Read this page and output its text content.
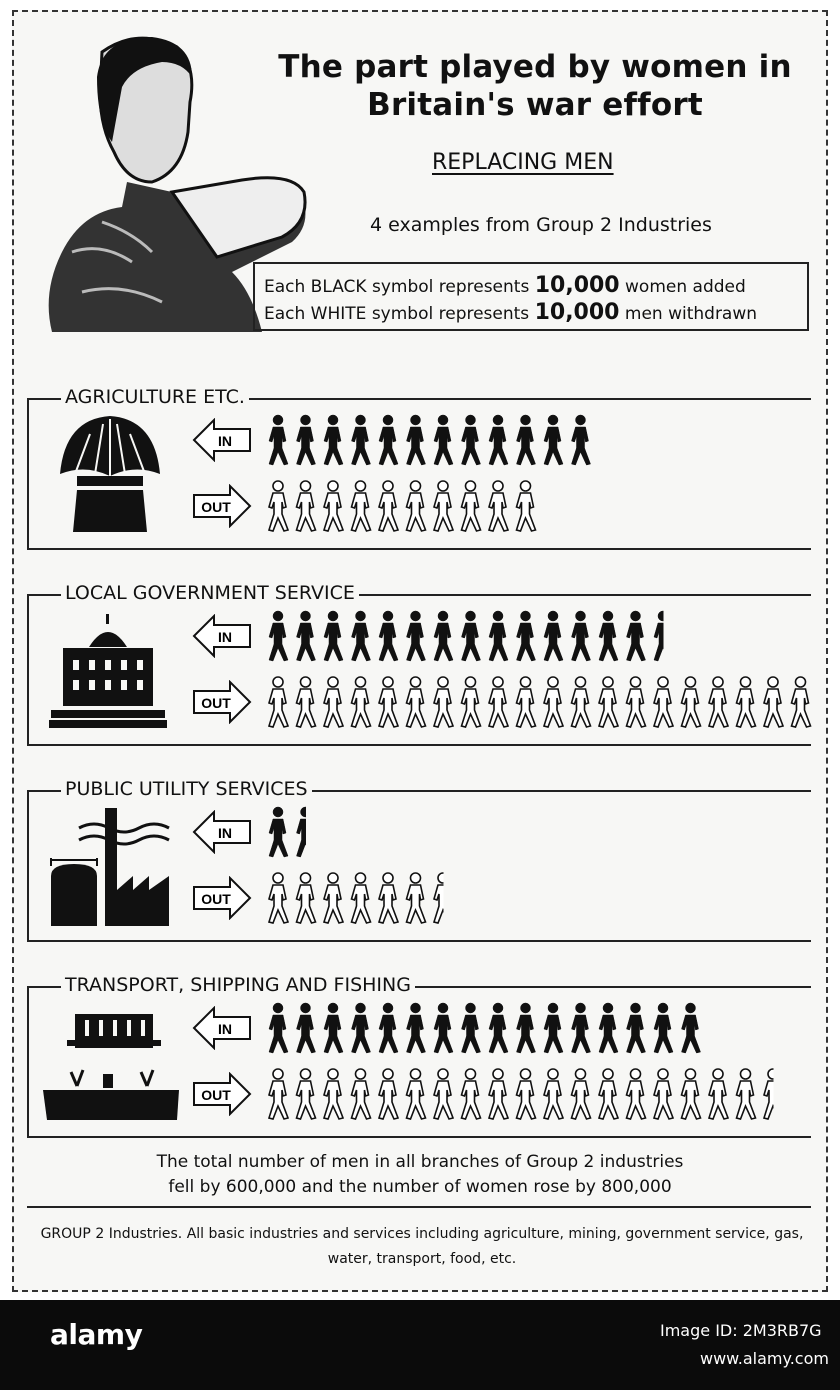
The part played by women in
Britain's war effort
REPLACING MEN
4 examples from Group 2 Industries
Each BLACK symbol represents 10,000 women added
Each WHITE symbol represents 10,000 men withdrawn
AGRICULTURE ETC.
IN
OUT
LOCAL GOVERNMENT SERVICE
IN
OUT
PUBLIC UTILITY SERVICES
IN
OUT
TRANSPORT, SHIPPING AND FISHING
IN
OUT
The total number of men in all branches of Group 2 industries
fell by 600,000 and the number of women rose by 800,000
GROUP 2 Industries. All basic industries and services including agriculture, mining, government service, gas, water, transport, food, etc.
alamy	Image ID: 2M3RB7G
www.alamy.com
